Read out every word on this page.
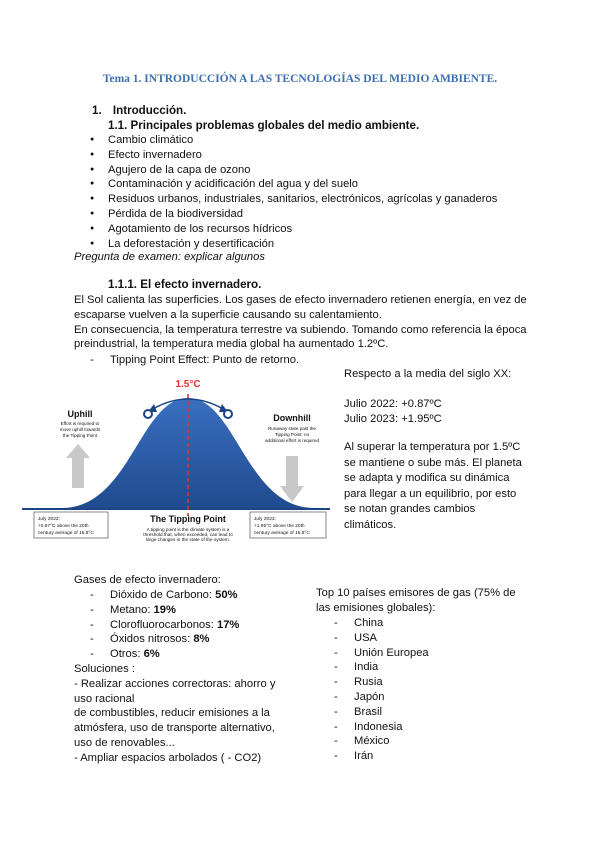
Tema 1. INTRODUCCIÓN A LAS TECNOLOGÍAS DEL MEDIO AMBIENTE.
1. Introducción.
1.1. Principales problemas globales del medio ambiente.
● Cambio climático
● Efecto invernadero
● Agujero de la capa de ozono
● Contaminación y acidificación del agua y del suelo
● Residuos urbanos, industriales, sanitarios, electrónicos, agrícolas y ganaderos
● Pérdida de la biodiversidad
● Agotamiento de los recursos hídricos
● La deforestación y desertificación
Pregunta de examen: explicar algunos
1.1.1. El efecto invernadero.
El Sol calienta las superficies. Los gases de efecto invernadero retienen energía, en vez de
escaparse vuelven a la superficie causando su calentamiento.
En consecuencia, la temperatura terrestre va subiendo. Tomando como referencia la época
preindustrial, la temperatura media global ha aumentado 1.2ºC.
- Tipping Point Effect: Punto de retorno.
1.5°C
Uphill
Effort is required to
move uphill towards
the Tipping Point
Downhill
Runaway state past the
Tipping Point: no
additional effort is required
The Tipping Point
A tipping point is the climate system is a
threshold that, when exceeded, can lead to
large changes in the state of the system.
July 2022:
+0.87°C above the 20th
century average of 15.8°C
July 2023:
+1.95°C above the 20th
century average of 15.8°C
Respecto a la media del siglo XX:
Julio 2022: +0.87ºC
Julio 2023: +1.95ºC
Al superar la temperatura por 1.5ºC
se mantiene o sube más. El planeta
se adapta y modifica su dinámica
para llegar a un equilibrio, por esto
se notan grandes cambios
climáticos.
Gases de efecto invernadero:
- Dióxido de Carbono: 50%
- Metano: 19%
- Clorofluorocarbonos: 17%
- Óxidos nitrosos: 8%
- Otros: 6%
Soluciones :
- Realizar acciones correctoras: ahorro y
uso racional
de combustibles, reducir emisiones a la
atmósfera, uso de transporte alternativo,
uso de renovables...
- Ampliar espacios arbolados ( - CO2)
Top 10 países emisores de gas (75% de
las emisiones globales):
- China
- USA
- Unión Europea
- India
- Rusia
- Japón
- Brasil
- Indonesia
- México
- Irán
